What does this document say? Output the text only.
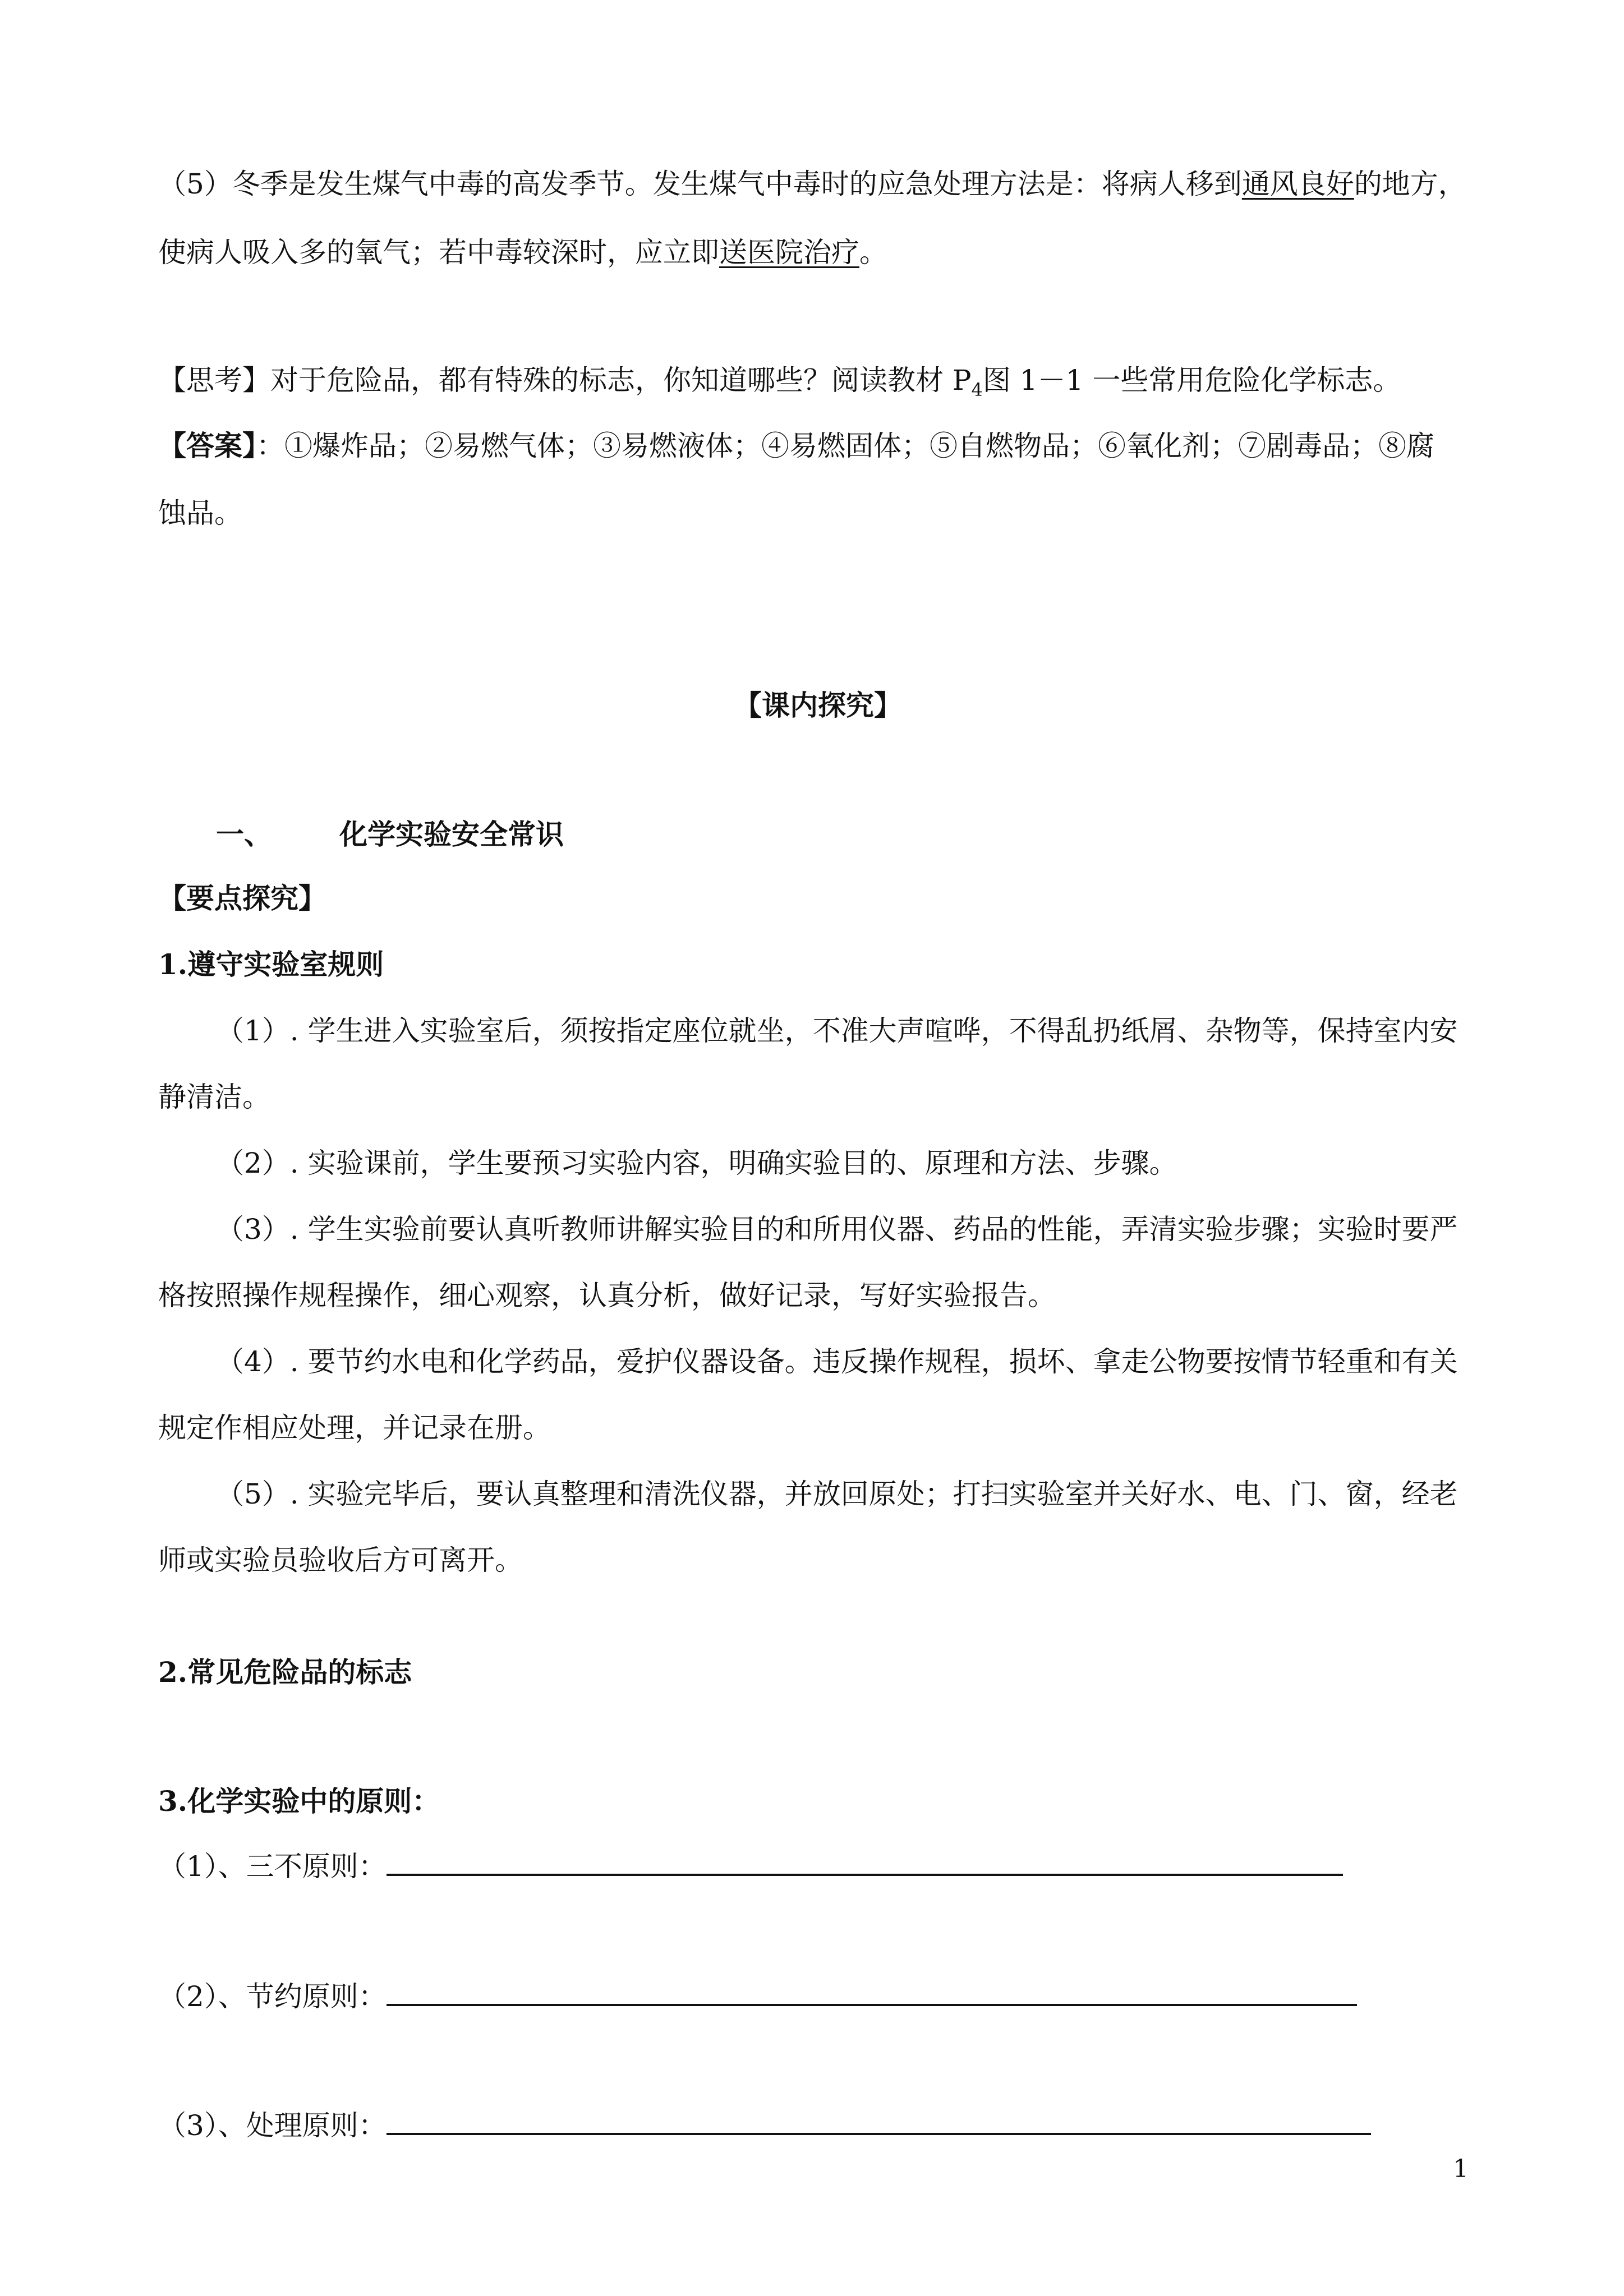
（5）冬季是发生煤气中毒的高发季节。发生煤气中毒时的应急处理方法是：将病人移到通风良好的地方，

使病人吸入多的氧气；若中毒较深时，应立即送医院治疗。

【思考】对于危险品，都有特殊的标志，你知道哪些？阅读教材 $P_4$图 1－1 一些常用危险化学标志。

【答案】：①爆炸品；②易燃气体；③易燃液体；④易燃固体；⑤自燃物品；⑥氧化剂；⑦剧毒品；⑧腐

蚀品。

【课内探究】

一、 化学实验安全常识

【要点探究】

1.遵守实验室规则

（1）. 学生进入实验室后，须按指定座位就坐，不准大声喧哗，不得乱扔纸屑、杂物等，保持室内安

静清洁。

（2）. 实验课前，学生要预习实验内容，明确实验目的、原理和方法、步骤。

（3）. 学生实验前要认真听教师讲解实验目的和所用仪器、药品的性能，弄清实验步骤；实验时要严

格按照操作规程操作，细心观察，认真分析，做好记录，写好实验报告。

（4）. 要节约水电和化学药品，爱护仪器设备。违反操作规程，损坏、拿走公物要按情节轻重和有关

规定作相应处理，并记录在册。

（5）. 实验完毕后，要认真整理和清洗仪器，并放回原处；打扫实验室并关好水、电、门、窗，经老

师或实验员验收后方可离开。

2.常见危险品的标志

3.化学实验中的原则：

（1）、三不原则：

（2）、节约原则：

（3）、处理原则：

1
